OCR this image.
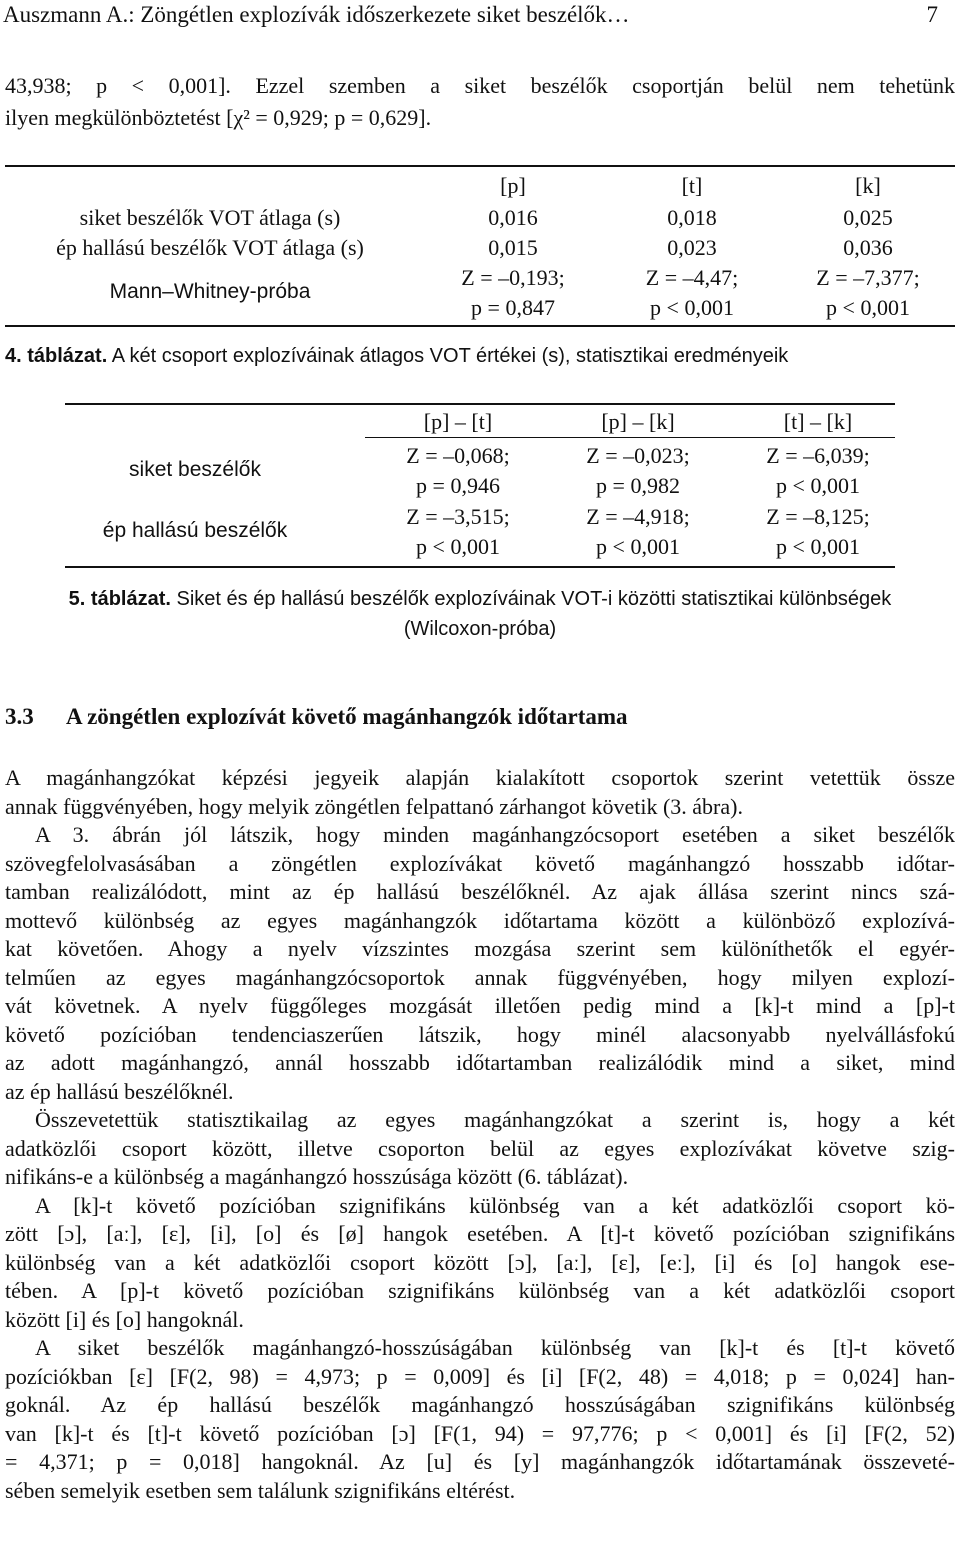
Auszmann A.: Zöngétlen explozívák időszerkezete siket beszélők…	7
43,938; p < 0,001]. Ezzel szemben a siket beszélők csoportján belül nem tehetünk
ilyen megkülönböztetést [χ² = 0,929; p = 0,629].
[p]	[t]	[k]
siket beszélők VOT átlaga (s)	0,016	0,018	0,025
ép hallású beszélők VOT átlaga (s)	0,015	0,023	0,036
Mann–Whitney-próba
Z = –0,193;	Z = –4,47;	Z = –7,377;
p = 0,847	p < 0,001	p < 0,001
4. táblázat. A két csoport explozíváinak átlagos VOT értékei (s), statisztikai eredményeik
[p] – [t]	[p] – [k]	[t] – [k]
siket beszélők
Z = –0,068;	Z = –0,023;	Z = –6,039;
p = 0,946	p = 0,982	p < 0,001
ép hallású beszélők
Z = –3,515;	Z = –4,918;	Z = –8,125;
p < 0,001	p < 0,001	p < 0,001
5. táblázat. Siket és ép hallású beszélők explozíváinak VOT-i közötti statisztikai különbségek
(Wilcoxon-próba)
3.3 A zöngétlen explozívát követő magánhangzók időtartama
A magánhangzókat képzési jegyeik alapján kialakított csoportok szerint vetettük össze
annak függvényében, hogy melyik zöngétlen felpattanó zárhangot követik (3. ábra).
A 3. ábrán jól látszik, hogy minden magánhangzócsoport esetében a siket beszélők
szövegfelolvasásában a zöngétlen explozívákat követő magánhangzó hosszabb időtar-
tamban realizálódott, mint az ép hallású beszélőknél. Az ajak állása szerint nincs szá-
mottevő különbség az egyes magánhangzók időtartama között a különböző explozívá-
kat követően. Ahogy a nyelv vízszintes mozgása szerint sem különíthetők el egyér-
telműen az egyes magánhangzócsoportok annak függvényében, hogy milyen explozí-
vát követnek. A nyelv függőleges mozgását illetően pedig mind a [k]-t mind a [p]-t
követő pozícióban tendenciaszerűen látszik, hogy minél alacsonyabb nyelvállásfokú
az adott magánhangzó, annál hosszabb időtartamban realizálódik mind a siket, mind
az ép hallású beszélőknél.
Összevetettük statisztikailag az egyes magánhangzókat a szerint is, hogy a két
adatközlői csoport között, illetve csoporton belül az egyes explozívákat követve szig-
nifikáns-e a különbség a magánhangzó hosszúsága között (6. táblázat).
A [k]-t követő pozícióban szignifikáns különbség van a két adatközlői csoport kö-
zött [ɔ], [aː], [ɛ], [i], [o] és [ø] hangok esetében. A [t]-t követő pozícióban szignifikáns
különbség van a két adatközlői csoport között [ɔ], [aː], [ɛ], [eː], [i] és [o] hangok ese-
tében. A [p]-t követő pozícióban szignifikáns különbség van a két adatközlői csoport
között [i] és [o] hangoknál.
A siket beszélők magánhangzó-hosszúságában különbség van [k]-t és [t]-t követő
pozíciókban [ɛ] [F(2, 98) = 4,973; p = 0,009] és [i] [F(2, 48) = 4,018; p = 0,024] han-
goknál. Az ép hallású beszélők magánhangzó hosszúságában szignifikáns különbség
van [k]-t és [t]-t követő pozícióban [ɔ] [F(1, 94) = 97,776; p < 0,001] és [i] [F(2, 52)
= 4,371; p = 0,018] hangoknál. Az [u] és [y] magánhangzók időtartamának összeveté-
sében semelyik esetben sem találunk szignifikáns eltérést.
